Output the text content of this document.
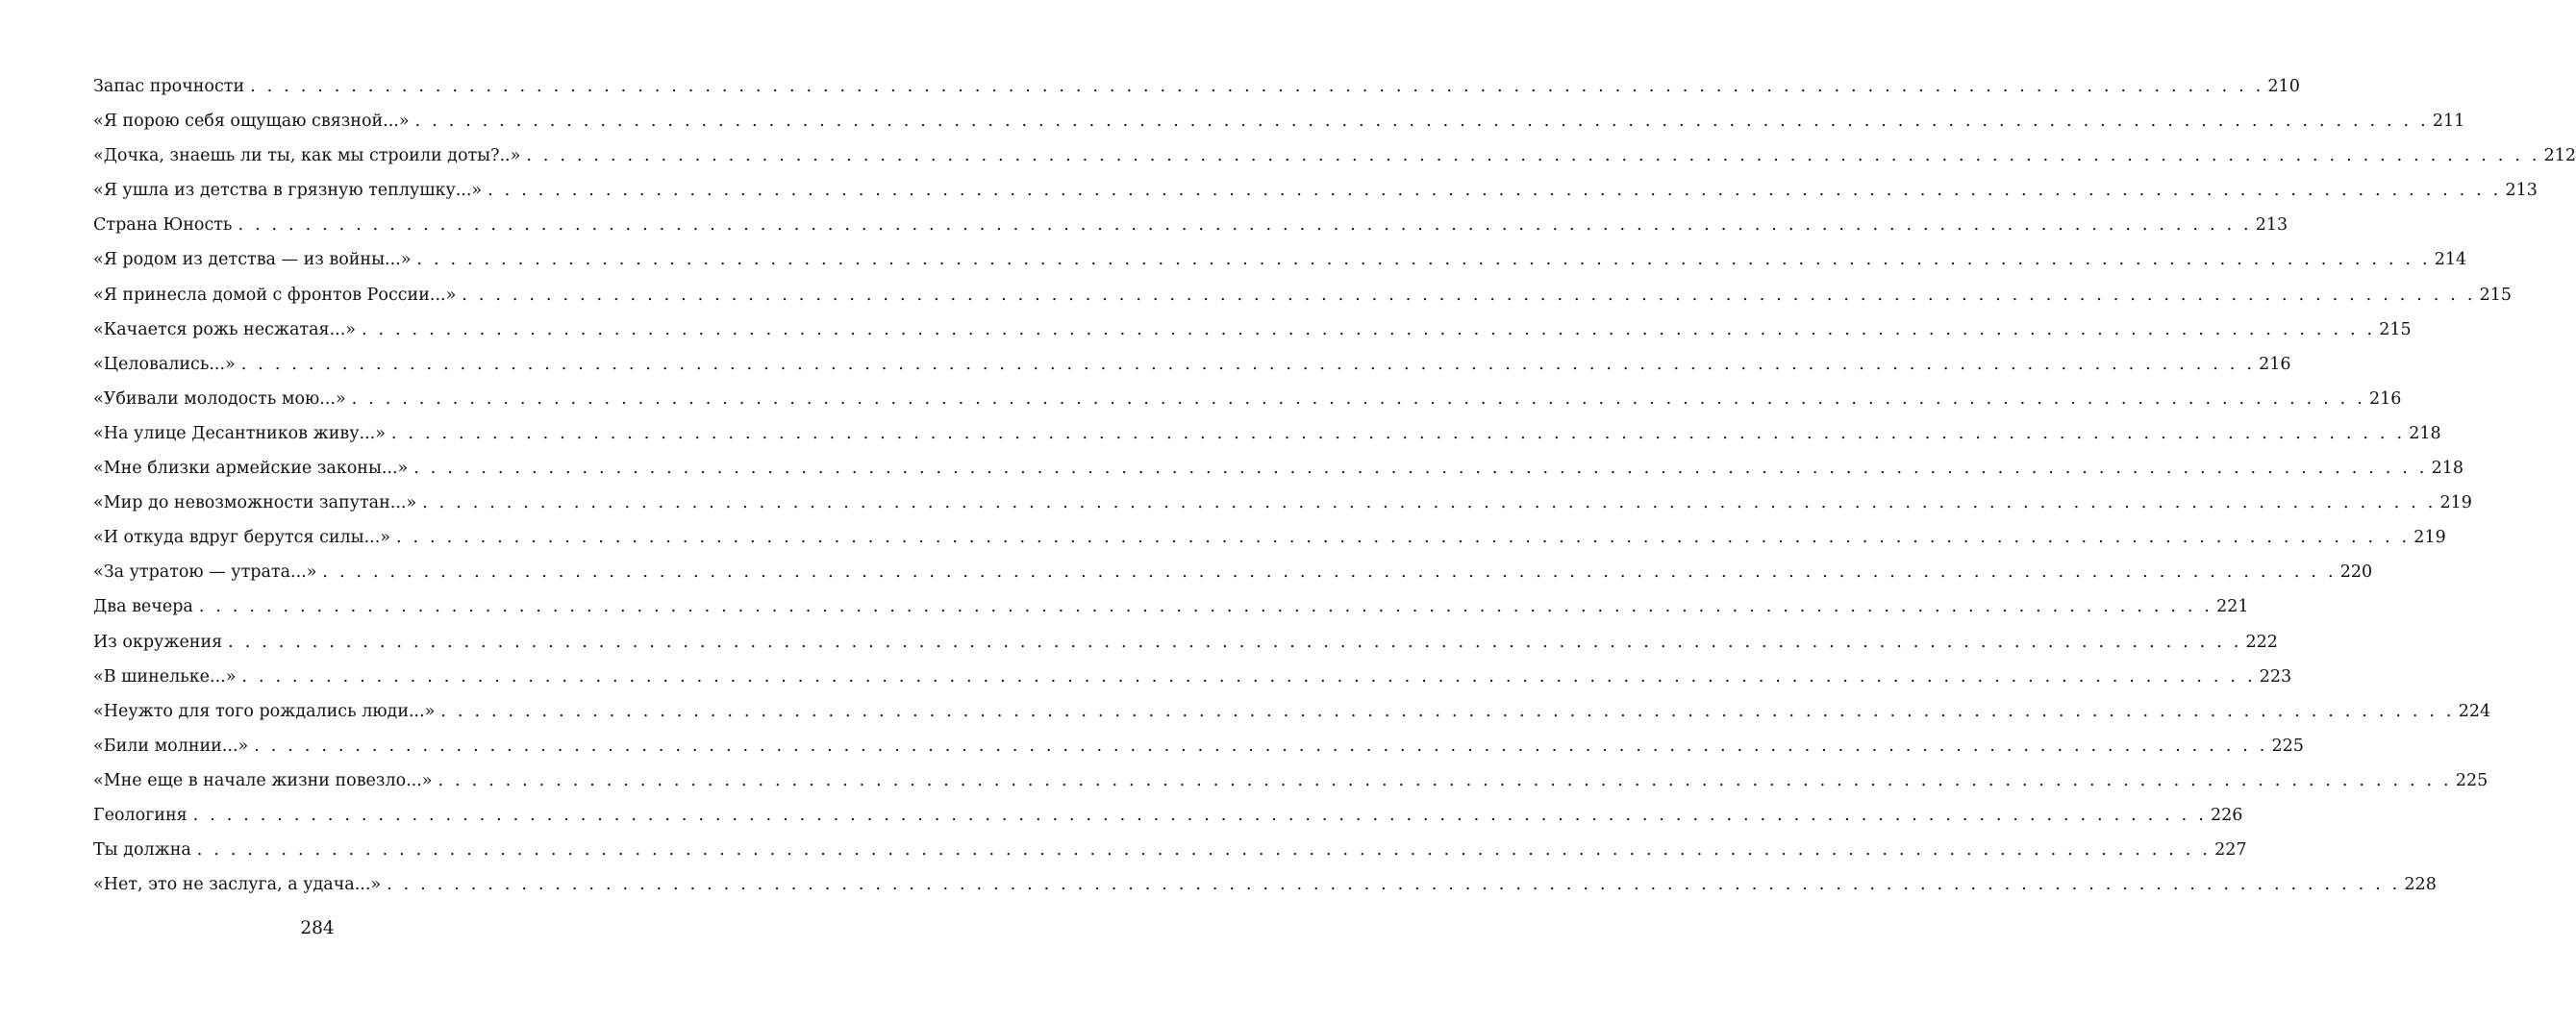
Запас прочности . . . . . . . . . . . . . . . . . . . . . . . . . . . . . . . . . . . . . . . . . . . . . . . . . . . . . . . . . . . . . . . . . . . . . . . . . . . . . . . . . . . . . . . . . . . . . . . . . . . . . . . . . . . . . . . . . . . . . . . . 210
«Я порою себя ощущаю связной...» . . . . . . . . . . . . . . . . . . . . . . . . . . . . . . . . . . . . . . . . . . . . . . . . . . . . . . . . . . . . . . . . . . . . . . . . . . . . . . . . . . . . . . . . . . . . . . . . . . . . . . . . . . . . . . . . . . . . . . . . 211
«Дочка, знаешь ли ты, как мы строили доты?..» . . . . . . . . . . . . . . . . . . . . . . . . . . . . . . . . . . . . . . . . . . . . . . . . . . . . . . . . . . . . . . . . . . . . . . . . . . . . . . . . . . . . . . . . . . . . . . . . . . . . . . . . . . . . . . . . . . . . . . . . 212
«Я ушла из детства в грязную теплушку...» . . . . . . . . . . . . . . . . . . . . . . . . . . . . . . . . . . . . . . . . . . . . . . . . . . . . . . . . . . . . . . . . . . . . . . . . . . . . . . . . . . . . . . . . . . . . . . . . . . . . . . . . . . . . . . . . . . . . . . . . 213
Страна Юность . . . . . . . . . . . . . . . . . . . . . . . . . . . . . . . . . . . . . . . . . . . . . . . . . . . . . . . . . . . . . . . . . . . . . . . . . . . . . . . . . . . . . . . . . . . . . . . . . . . . . . . . . . . . . . . . . . . . . . . . 213
«Я родом из детства — из войны...» . . . . . . . . . . . . . . . . . . . . . . . . . . . . . . . . . . . . . . . . . . . . . . . . . . . . . . . . . . . . . . . . . . . . . . . . . . . . . . . . . . . . . . . . . . . . . . . . . . . . . . . . . . . . . . . . . . . . . . . . 214
«Я принесла домой с фронтов России...» . . . . . . . . . . . . . . . . . . . . . . . . . . . . . . . . . . . . . . . . . . . . . . . . . . . . . . . . . . . . . . . . . . . . . . . . . . . . . . . . . . . . . . . . . . . . . . . . . . . . . . . . . . . . . . . . . . . . . . . . 215
«Качается рожь несжатая...» . . . . . . . . . . . . . . . . . . . . . . . . . . . . . . . . . . . . . . . . . . . . . . . . . . . . . . . . . . . . . . . . . . . . . . . . . . . . . . . . . . . . . . . . . . . . . . . . . . . . . . . . . . . . . . . . . . . . . . . . 215
«Целовались...» . . . . . . . . . . . . . . . . . . . . . . . . . . . . . . . . . . . . . . . . . . . . . . . . . . . . . . . . . . . . . . . . . . . . . . . . . . . . . . . . . . . . . . . . . . . . . . . . . . . . . . . . . . . . . . . . . . . . . . . . 216
«Убивали молодость мою...» . . . . . . . . . . . . . . . . . . . . . . . . . . . . . . . . . . . . . . . . . . . . . . . . . . . . . . . . . . . . . . . . . . . . . . . . . . . . . . . . . . . . . . . . . . . . . . . . . . . . . . . . . . . . . . . . . . . . . . . . 216
«На улице Десантников живу...» . . . . . . . . . . . . . . . . . . . . . . . . . . . . . . . . . . . . . . . . . . . . . . . . . . . . . . . . . . . . . . . . . . . . . . . . . . . . . . . . . . . . . . . . . . . . . . . . . . . . . . . . . . . . . . . . . . . . . . . . 218
«Мне близки армейские законы...» . . . . . . . . . . . . . . . . . . . . . . . . . . . . . . . . . . . . . . . . . . . . . . . . . . . . . . . . . . . . . . . . . . . . . . . . . . . . . . . . . . . . . . . . . . . . . . . . . . . . . . . . . . . . . . . . . . . . . . . . 218
«Мир до невозможности запутан...» . . . . . . . . . . . . . . . . . . . . . . . . . . . . . . . . . . . . . . . . . . . . . . . . . . . . . . . . . . . . . . . . . . . . . . . . . . . . . . . . . . . . . . . . . . . . . . . . . . . . . . . . . . . . . . . . . . . . . . . . 219
«И откуда вдруг берутся силы...» . . . . . . . . . . . . . . . . . . . . . . . . . . . . . . . . . . . . . . . . . . . . . . . . . . . . . . . . . . . . . . . . . . . . . . . . . . . . . . . . . . . . . . . . . . . . . . . . . . . . . . . . . . . . . . . . . . . . . . . . 219
«За утратою — утрата...» . . . . . . . . . . . . . . . . . . . . . . . . . . . . . . . . . . . . . . . . . . . . . . . . . . . . . . . . . . . . . . . . . . . . . . . . . . . . . . . . . . . . . . . . . . . . . . . . . . . . . . . . . . . . . . . . . . . . . . . . 220
Два вечера . . . . . . . . . . . . . . . . . . . . . . . . . . . . . . . . . . . . . . . . . . . . . . . . . . . . . . . . . . . . . . . . . . . . . . . . . . . . . . . . . . . . . . . . . . . . . . . . . . . . . . . . . . . . . . . . . . . . . . . . 221
Из окружения . . . . . . . . . . . . . . . . . . . . . . . . . . . . . . . . . . . . . . . . . . . . . . . . . . . . . . . . . . . . . . . . . . . . . . . . . . . . . . . . . . . . . . . . . . . . . . . . . . . . . . . . . . . . . . . . . . . . . . . . 222
«В шинельке...» . . . . . . . . . . . . . . . . . . . . . . . . . . . . . . . . . . . . . . . . . . . . . . . . . . . . . . . . . . . . . . . . . . . . . . . . . . . . . . . . . . . . . . . . . . . . . . . . . . . . . . . . . . . . . . . . . . . . . . . . 223
«Неужто для того рождались люди...» . . . . . . . . . . . . . . . . . . . . . . . . . . . . . . . . . . . . . . . . . . . . . . . . . . . . . . . . . . . . . . . . . . . . . . . . . . . . . . . . . . . . . . . . . . . . . . . . . . . . . . . . . . . . . . . . . . . . . . . . 224
«Били молнии...» . . . . . . . . . . . . . . . . . . . . . . . . . . . . . . . . . . . . . . . . . . . . . . . . . . . . . . . . . . . . . . . . . . . . . . . . . . . . . . . . . . . . . . . . . . . . . . . . . . . . . . . . . . . . . . . . . . . . . . . . 225
«Мне еще в начале жизни повезло...» . . . . . . . . . . . . . . . . . . . . . . . . . . . . . . . . . . . . . . . . . . . . . . . . . . . . . . . . . . . . . . . . . . . . . . . . . . . . . . . . . . . . . . . . . . . . . . . . . . . . . . . . . . . . . . . . . . . . . . . . 225
Геологиня . . . . . . . . . . . . . . . . . . . . . . . . . . . . . . . . . . . . . . . . . . . . . . . . . . . . . . . . . . . . . . . . . . . . . . . . . . . . . . . . . . . . . . . . . . . . . . . . . . . . . . . . . . . . . . . . . . . . . . . . 226
Ты должна . . . . . . . . . . . . . . . . . . . . . . . . . . . . . . . . . . . . . . . . . . . . . . . . . . . . . . . . . . . . . . . . . . . . . . . . . . . . . . . . . . . . . . . . . . . . . . . . . . . . . . . . . . . . . . . . . . . . . . . . 227
«Нет, это не заслуга, а удача...» . . . . . . . . . . . . . . . . . . . . . . . . . . . . . . . . . . . . . . . . . . . . . . . . . . . . . . . . . . . . . . . . . . . . . . . . . . . . . . . . . . . . . . . . . . . . . . . . . . . . . . . . . . . . . . . . . . . . . . . . 228
284
